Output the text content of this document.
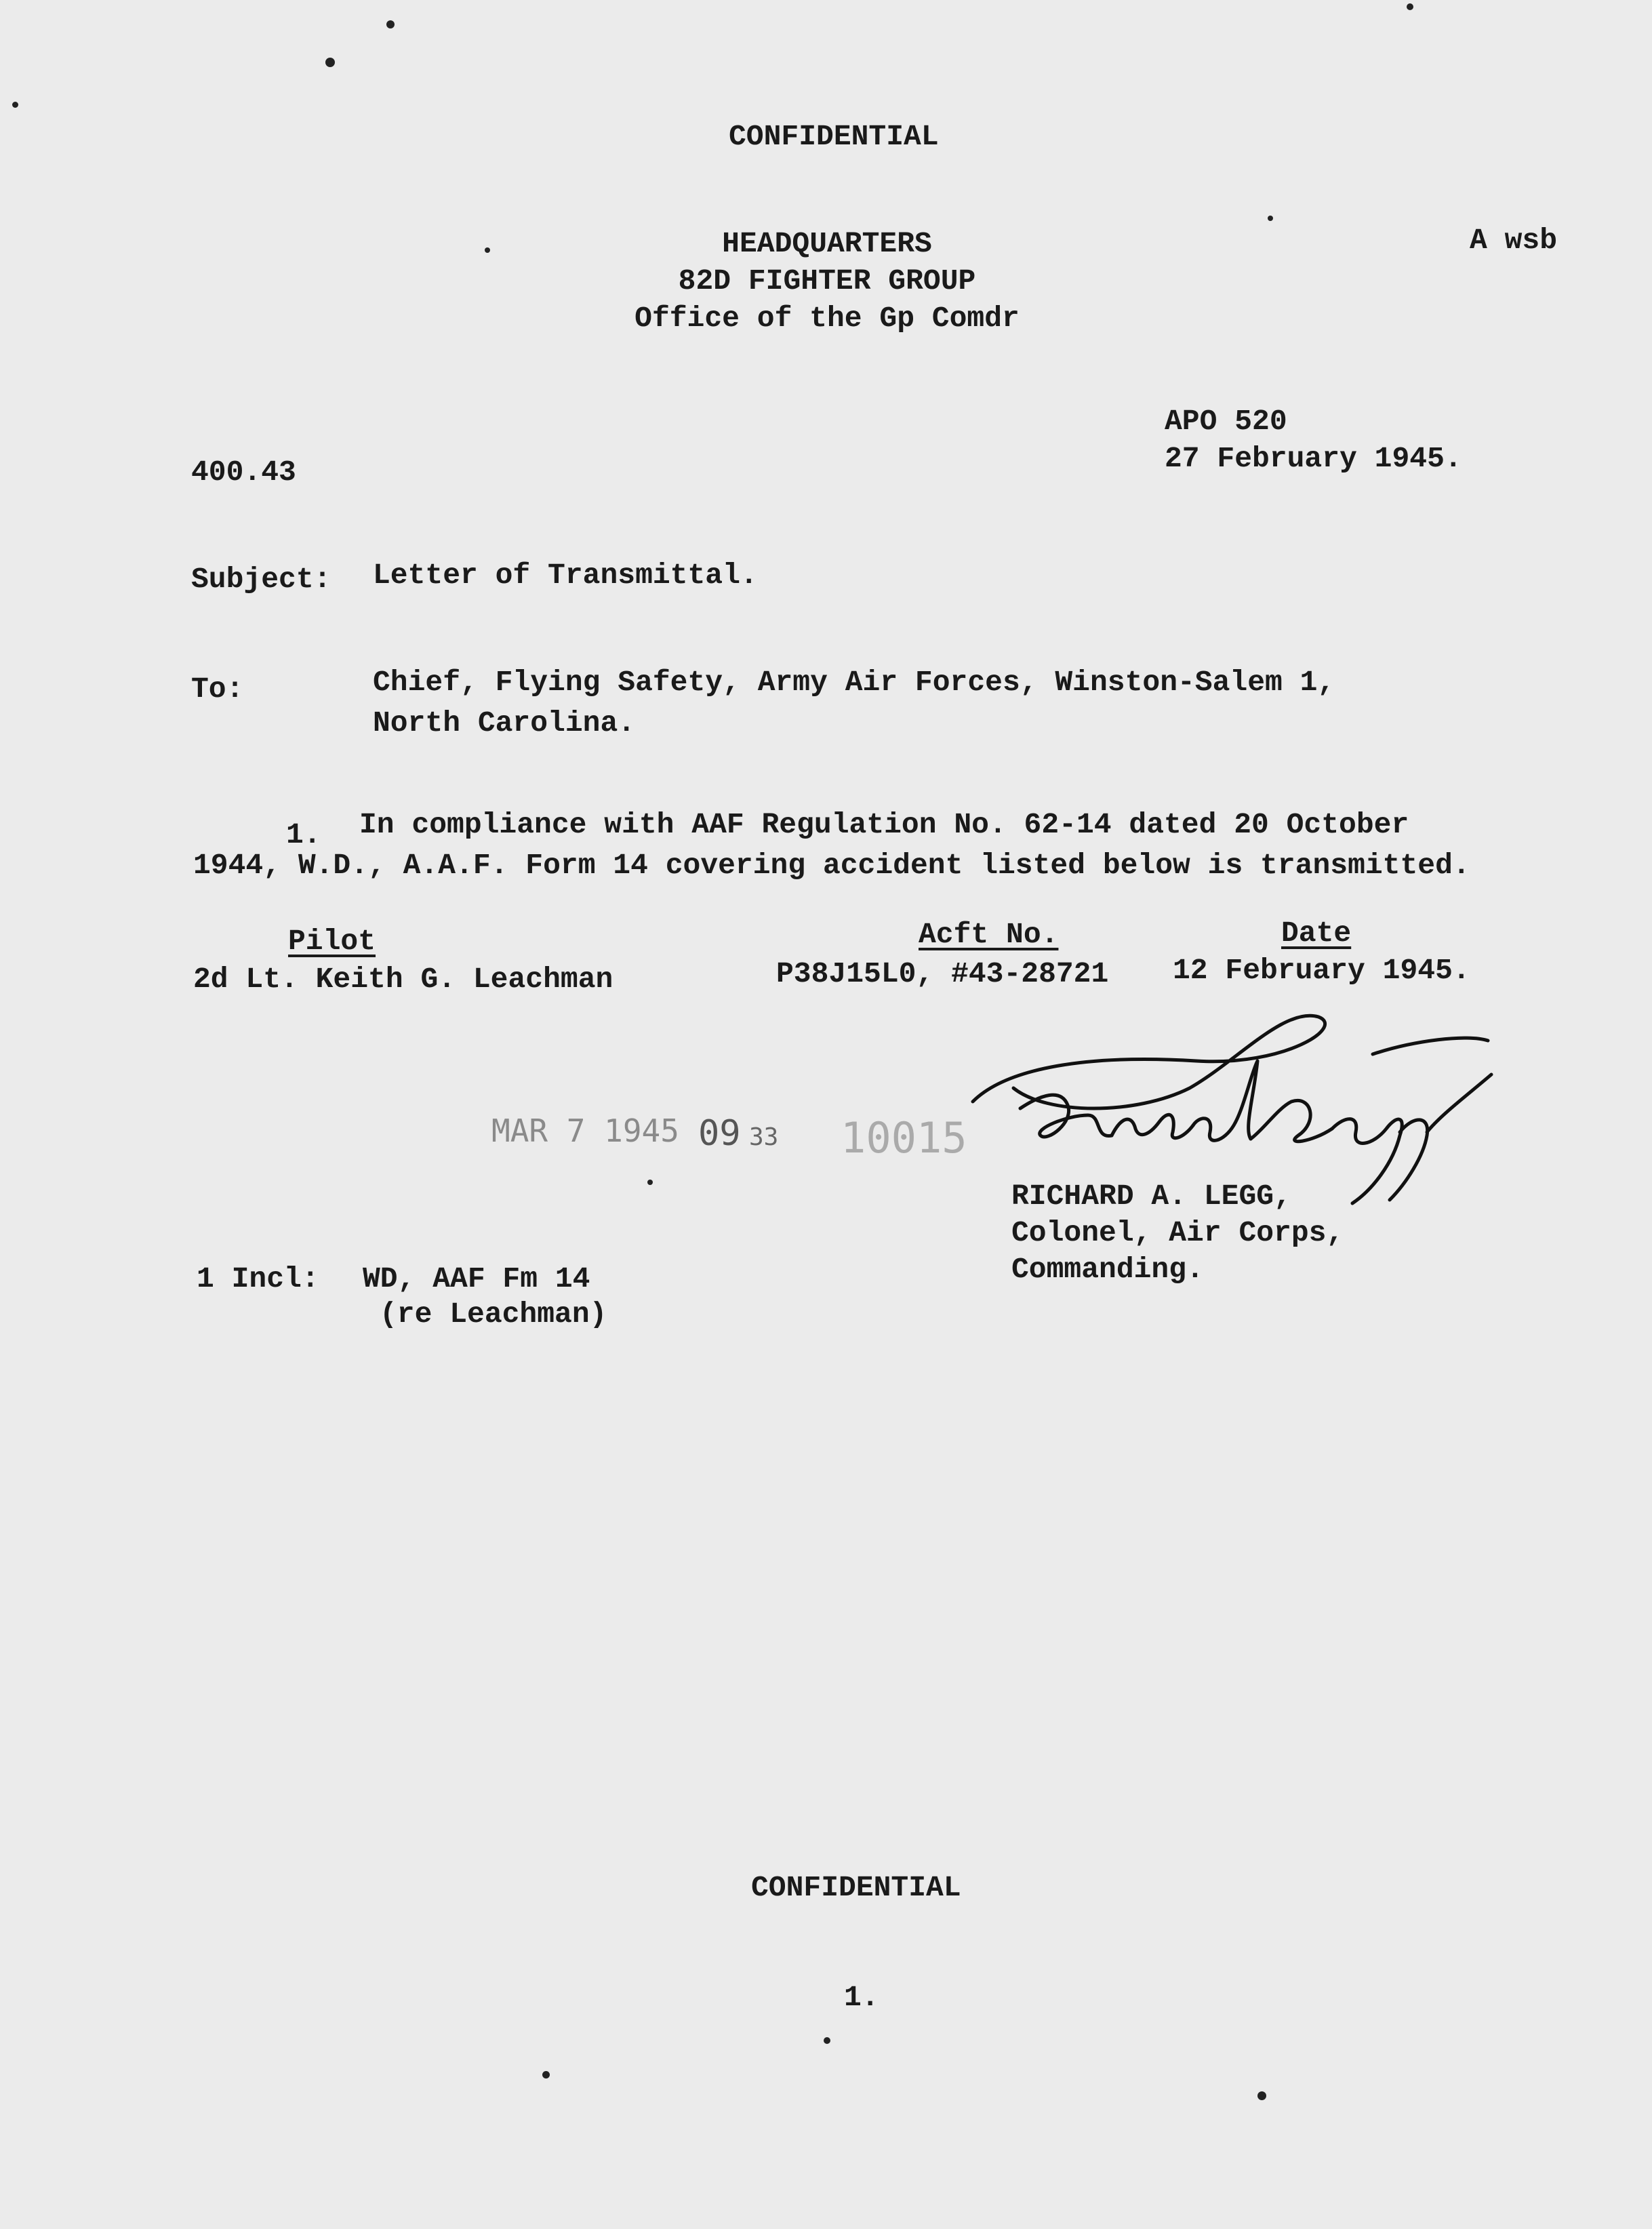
CONFIDENTIAL
A wsb
HEADQUARTERS
82D FIGHTER GROUP
Office of the Gp Comdr
APO 520
400.43	27 February 1945.
Subject: Letter of Transmittal.
To:	Chief, Flying Safety, Army Air Forces, Winston-Salem 1,
North Carolina.
1. In compliance with AAF Regulation No. 62-14 dated 20 October
1944, W.D., A.A.F. Form 14 covering accident listed below is transmitted.
Pilot	Acft No.	Date
2d Lt. Keith G. Leachman	P38J15L0, #43-28721 12 February 1945.
MAR 7 1945 09 33 10015
RICHARD A. LEGG,
Colonel, Air Corps,
Commanding.
1 Incl: WD, AAF Fm 14
(re Leachman)
CONFIDENTIAL
1.
